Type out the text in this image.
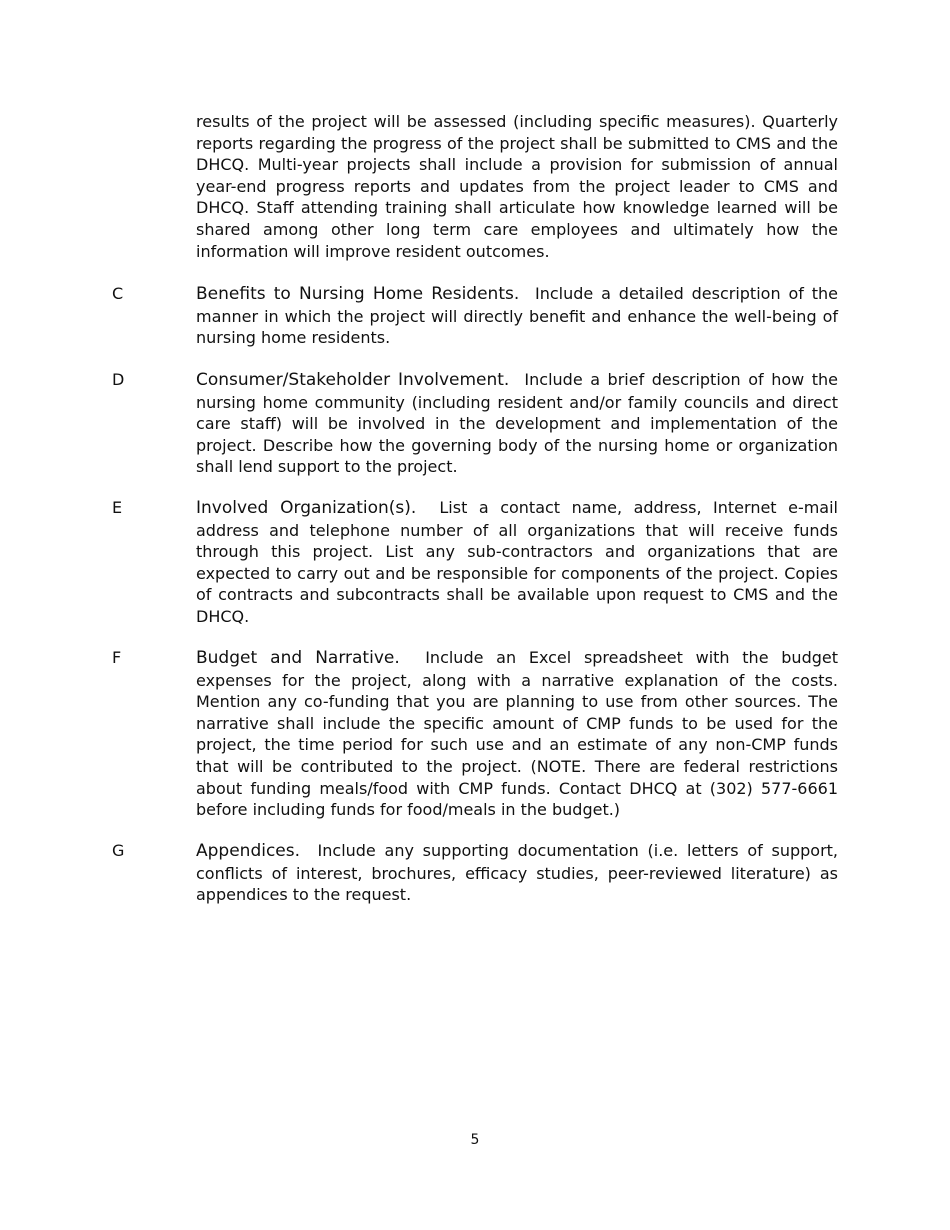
results of the project will be assessed (including specific measures). Quarterly reports regarding the progress of the project shall be submitted to CMS and the DHCQ. Multi-year projects shall include a provision for submission of annual year-end progress reports and updates from the project leader to CMS and DHCQ. Staff attending training shall articulate how knowledge learned will be shared among other long term care employees and ultimately how the information will improve resident outcomes.

C	Benefits to Nursing Home Residents. Include a detailed description of the manner in which the project will directly benefit and enhance the well-being of nursing home residents.

D	Consumer/Stakeholder Involvement. Include a brief description of how the nursing home community (including resident and/or family councils and direct care staff) will be involved in the development and implementation of the project. Describe how the governing body of the nursing home or organization shall lend support to the project.

E	Involved Organization(s). List a contact name, address, Internet e-mail address and telephone number of all organizations that will receive funds through this project. List any sub-contractors and organizations that are expected to carry out and be responsible for components of the project. Copies of contracts and subcontracts shall be available upon request to CMS and the DHCQ.

F	Budget and Narrative. Include an Excel spreadsheet with the budget expenses for the project, along with a narrative explanation of the costs. Mention any co-funding that you are planning to use from other sources. The narrative shall include the specific amount of CMP funds to be used for the project, the time period for such use and an estimate of any non-CMP funds that will be contributed to the project. (NOTE. There are federal restrictions about funding meals/food with CMP funds. Contact DHCQ at (302) 577-6661 before including funds for food/meals in the budget.)

G	Appendices. Include any supporting documentation (i.e. letters of support, conflicts of interest, brochures, efficacy studies, peer-reviewed literature) as appendices to the request.

5
